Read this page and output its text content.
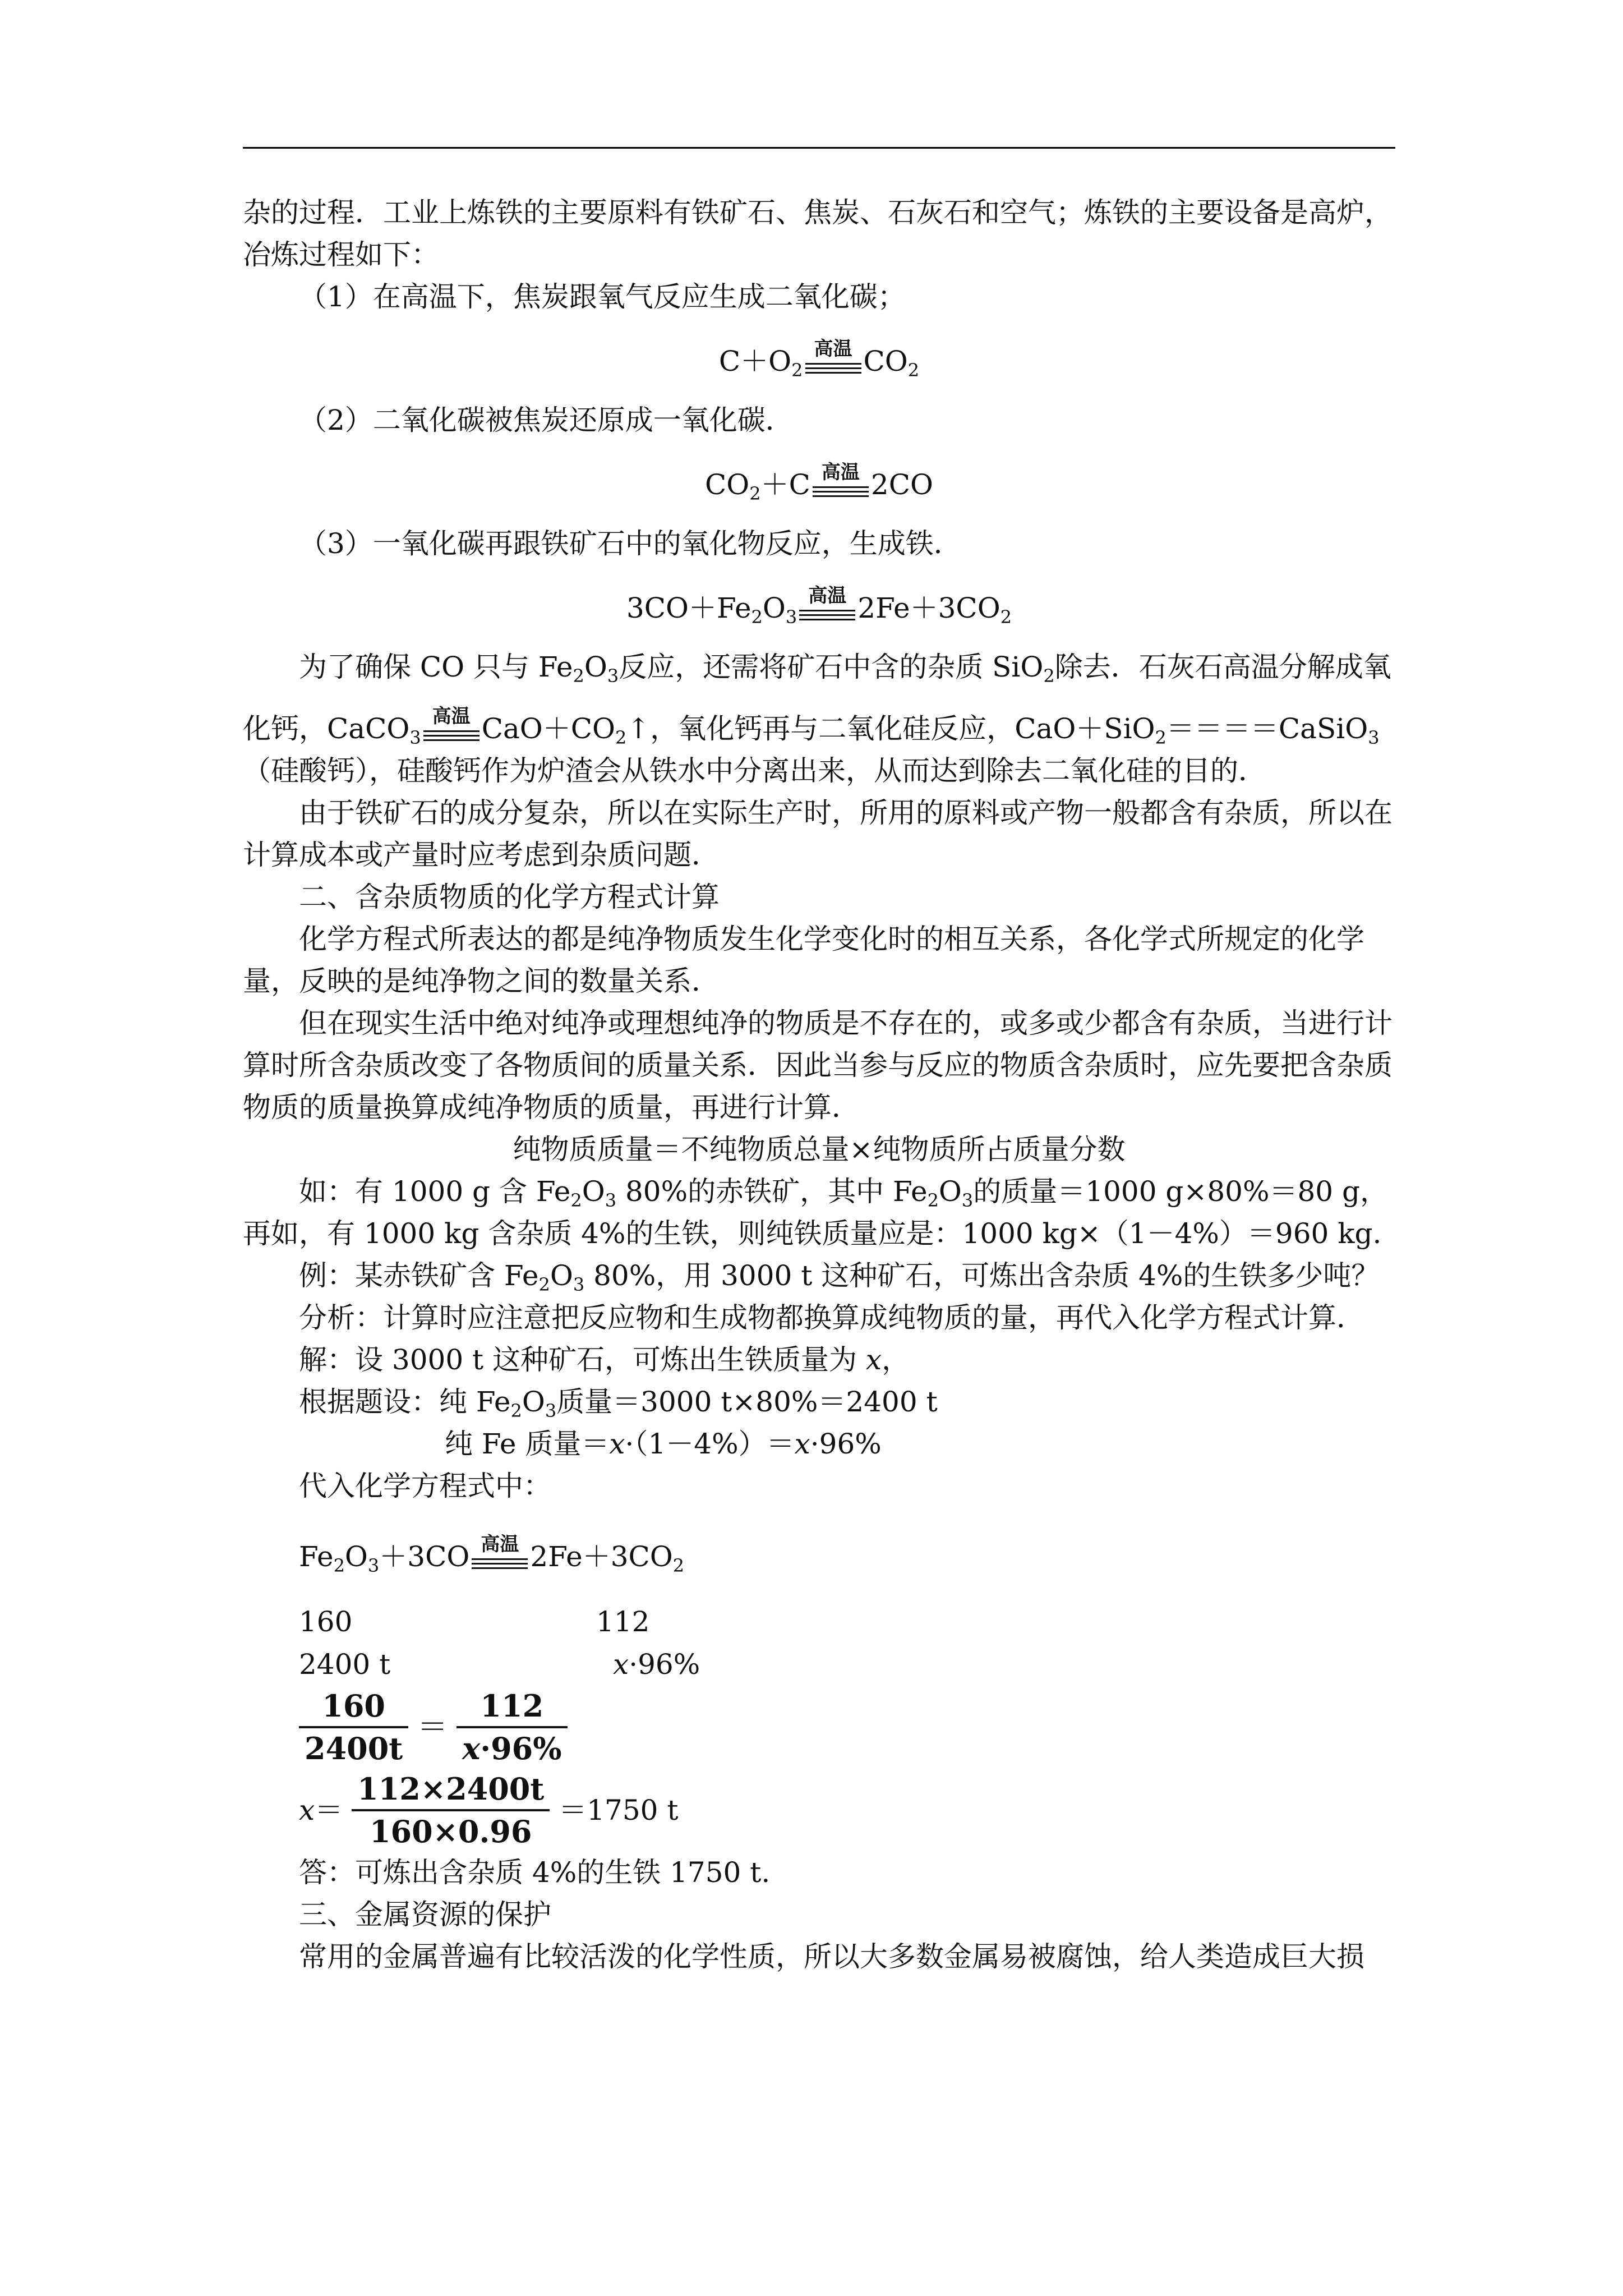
杂的过程．工业上炼铁的主要原料有铁矿石、焦炭、石灰石和空气；炼铁的主要设备是高炉，冶炼过程如下：

（1）在高温下，焦炭跟氧气反应生成二氧化碳；

$C+O_2$
高温 $CO_2$

（2）二氧化碳被焦炭还原成一氧化碳．

$CO_2+C$ 高温 2CO

（3）一氧化碳再跟铁矿石中的氧化物反应，生成铁．

$3CO+Fe_2O_3$
高温 $2Fe+3CO_2$

为了确保 CO 只与 $Fe_2O_3$反应，还需将矿石中含的杂质 SiO$_2$除去．石灰石高温分解成氧

化钙，CaCO$_3$
高温 $CaO+CO_2↑$，氧化钙再与二氧化硅反应，CaO＋SiO$_2$＝＝＝＝CaSiO$_3$（硅酸钙），硅酸钙作为炉渣会从铁水中分离出来，从而达到除去二氧化硅的目的．

由于铁矿石的成分复杂，所以在实际生产时，所用的原料或产物一般都含有杂质，所以在计算成本或产量时应考虑到杂质问题．

二、含杂质物质的化学方程式计算

化学方程式所表达的都是纯净物质发生化学变化时的相互关系，各化学式所规定的化学量，反映的是纯净物之间的数量关系．

但在现实生活中绝对纯净或理想纯净的物质是不存在的，或多或少都含有杂质，当进行计算时所含杂质改变了各物质间的质量关系．因此当参与反应的物质含杂质时，应先要把含杂质物质的质量换算成纯净物质的质量，再进行计算．

纯物质质量＝不纯物质总量×纯物质所占质量分数

如：有 1000 g 含 $Fe_2O_3$ 80%的赤铁矿，其中 $Fe_2O_3$的质量＝1000 g×80%＝80 g，再如，有 1000 kg 含杂质 4%的生铁，则纯铁质量应是：1000 kg×（1－4%）＝960 kg.

例：某赤铁矿含 $Fe_2O_3$ 80%，用 3000 t 这种矿石，可炼出含杂质 4%的生铁多少吨？

分析：计算时应注意把反应物和生成物都换算成纯物质的量，再代入化学方程式计算．

解：设 3000 t 这种矿石，可炼出生铁质量为 x，

根据题设：纯 $Fe_2O_3$质量＝3000 t×80%＝2400 t

纯 Fe 质量＝x·（1－4%）＝x·96%

代入化学方程式中：

$Fe_2O_3+3CO$ 高温 $2Fe+3CO_2$

160	112
2400 t	x·96%
$\frac{160}{2400t} = \frac{112}{x\cdot 96\%}$
$x= \frac{112\times 2400t}{160\times 0.96} =1750$ t

答：可炼出含杂质 4%的生铁 1750 t.

三、金属资源的保护

常用的金属普遍有比较活泼的化学性质，所以大多数金属易被腐蚀，给人类造成巨大损
